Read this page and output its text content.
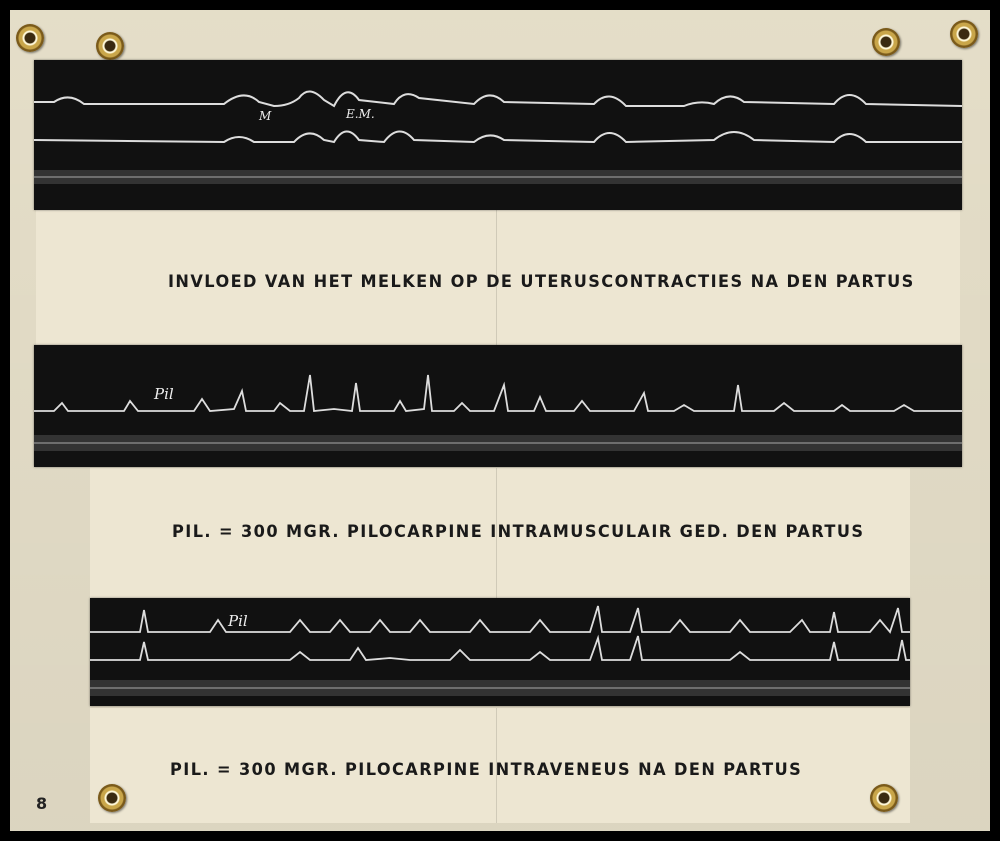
M	E.M.
INVLOED VAN HET MELKEN OP DE UTERUSCONTRACTIES NA DEN PARTUS
Pil
PIL. = 300 MGR. PILOCARPINE INTRAMUSCULAIR GED. DEN PARTUS
Pil
PIL. = 300 MGR. PILOCARPINE INTRAVENEUS NA DEN PARTUS
8
